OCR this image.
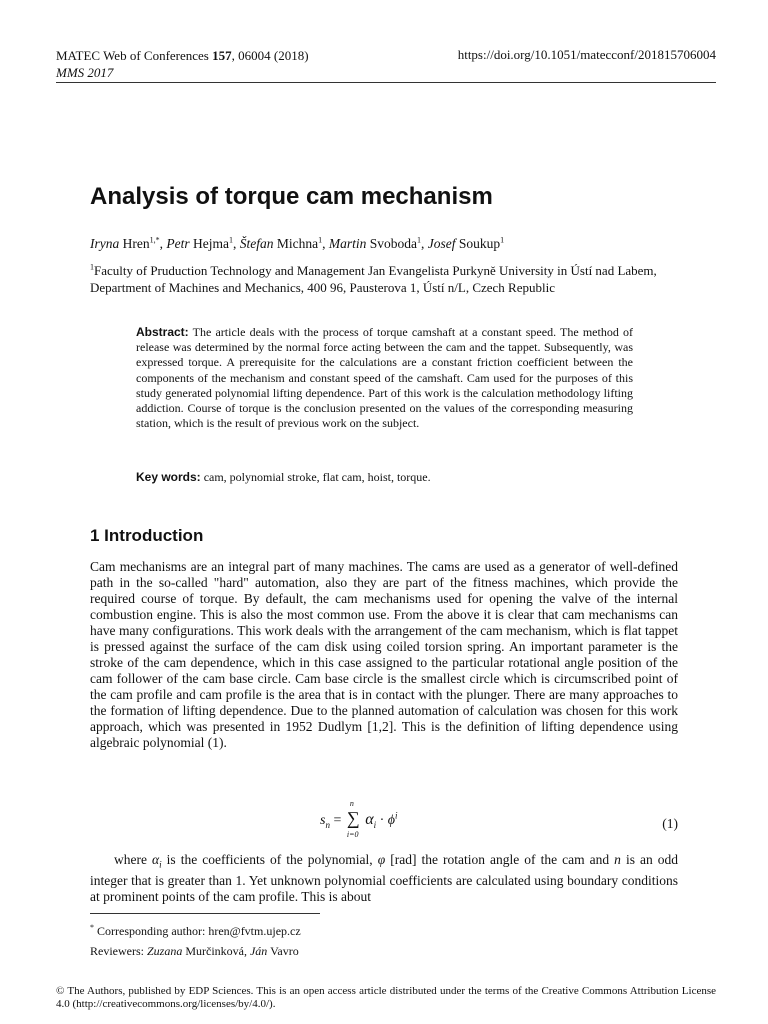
MATEC Web of Conferences 157, 06004 (2018)
MMS 2017
https://doi.org/10.1051/matecconf/201815706004
Analysis of torque cam mechanism
Iryna Hren$^{1,*}$, Petr Hejma$^1$, Štefan Michna$^1$, Martin Svoboda$^1$, Josef Soukup$^1$
$^1$Faculty of Pruduction Technology and Management Jan Evangelista Purkyně University in Ústí nad Labem, Department of Machines and Mechanics, 400 96, Pausterova 1, Ústí n/L, Czech Republic
Abstract: The article deals with the process of torque camshaft at a constant speed. The method of release was determined by the normal force acting between the cam and the tappet. Subsequently, was expressed torque. A prerequisite for the calculations are a constant friction coefficient between the components of the mechanism and constant speed of the camshaft. Cam used for the purposes of this study generated polynomial lifting dependence. Part of this work is the calculation methodology lifting addiction. Course of torque is the conclusion presented on the values of the corresponding measuring station, which is the result of previous work on the subject.
Key words: cam, polynomial stroke, flat cam, hoist, torque.
1 Introduction
Cam mechanisms are an integral part of many machines. The cams are used as a generator of well-defined path in the so-called "hard" automation, also they are part of the fitness machines, which provide the required course of torque. By default, the cam mechanisms used for opening the valve of the internal combustion engine. This is also the most common use. From the above it is clear that cam mechanisms can have many configurations. This work deals with the arrangement of the cam mechanism, which is flat tappet is pressed against the surface of the cam disk using coiled torsion spring. An important parameter is the stroke of the cam dependence, which in this case assigned to the particular rotational angle position of the cam follower of the cam base circle. Cam base circle is the smallest circle which is circumscribed point of the cam profile and cam profile is the area that is in contact with the plunger. There are many approaches to the formation of lifting dependence. Due to the planned automation of calculation was chosen for this work approach, which was presented in 1952 Dudlym [1,2]. This is the definition of lifting dependence using algebraic polynomial (1).
$s_n$ = ∑
n
i=0
$\alpha_i \cdot \phi^i$
(1)
where $\alpha_i$ is the coefficients of the polynomial, φ [rad] the rotation angle of the cam and n is an odd integer that is greater than 1. Yet unknown polynomial coefficients are calculated using boundary conditions at prominent points of the cam profile. This is about
* Corresponding author: hren@fvtm.ujep.cz
Reviewers: Zuzana Murčinková, Ján Vavro
© The Authors, published by EDP Sciences. This is an open access article distributed under the terms of the Creative Commons Attribution License 4.0 (http://creativecommons.org/licenses/by/4.0/).
